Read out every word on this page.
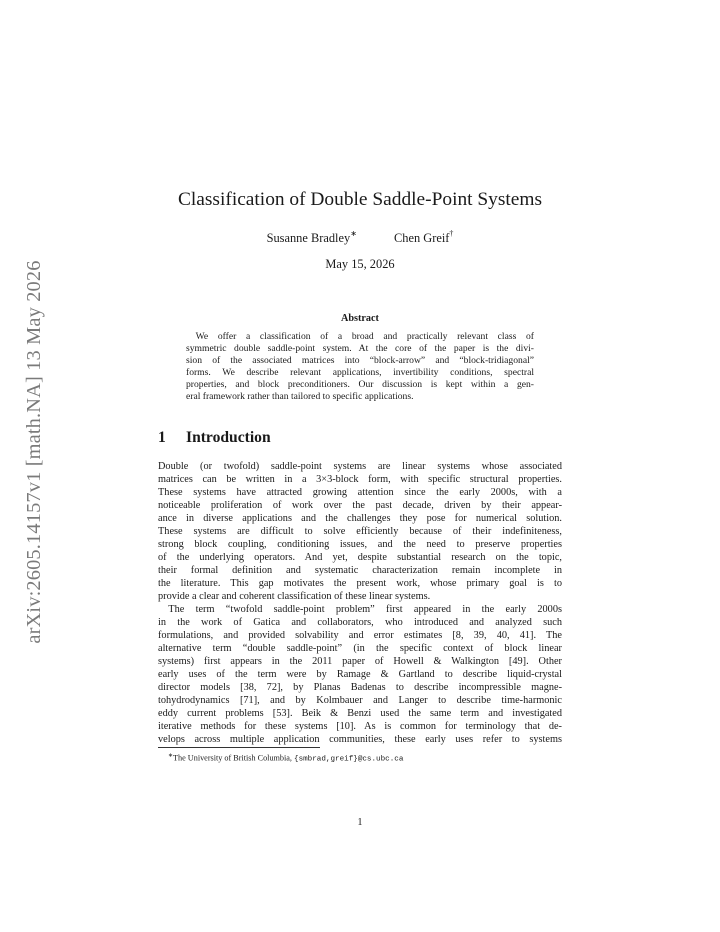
arXiv:2605.14157v1 [math.NA] 13 May 2026
Classification of Double Saddle-Point Systems
Susanne Bradley∗	Chen Greif†
May 15, 2026
Abstract
 We offer a classification of a broad and practically relevant class of
symmetric double saddle-point system. At the core of the paper is the divi-
sion of the associated matrices into “block-arrow” and “block-tridiagonal”
forms. We describe relevant applications, invertibility conditions, spectral
properties, and block preconditioners. Our discussion is kept within a gen-
eral framework rather than tailored to specific applications.
1 Introduction
Double (or twofold) saddle-point systems are linear systems whose associated
matrices can be written in a 3×3-block form, with specific structural properties.
These systems have attracted growing attention since the early 2000s, with a
noticeable proliferation of work over the past decade, driven by their appear-
ance in diverse applications and the challenges they pose for numerical solution.
These systems are difficult to solve efficiently because of their indefiniteness,
strong block coupling, conditioning issues, and the need to preserve properties
of the underlying operators. And yet, despite substantial research on the topic,
their formal definition and systematic characterization remain incomplete in
the literature. This gap motivates the present work, whose primary goal is to
provide a clear and coherent classification of these linear systems.
 The term “twofold saddle-point problem” first appeared in the early 2000s
in the work of Gatica and collaborators, who introduced and analyzed such
formulations, and provided solvability and error estimates [8, 39, 40, 41]. The
alternative term “double saddle-point” (in the specific context of block linear
systems) first appears in the 2011 paper of Howell & Walkington [49]. Other
early uses of the term were by Ramage & Gartland to describe liquid-crystal
director models [38, 72], by Planas Badenas to describe incompressible magne-
tohydrodynamics [71], and by Kolmbauer and Langer to describe time-harmonic
eddy current problems [53]. Beik & Benzi used the same term and investigated
iterative methods for these systems [10]. As is common for terminology that de-
velops across multiple application communities, these early uses refer to systems
∗The University of British Columbia, {smbrad,greif}@cs.ubc.ca
1
